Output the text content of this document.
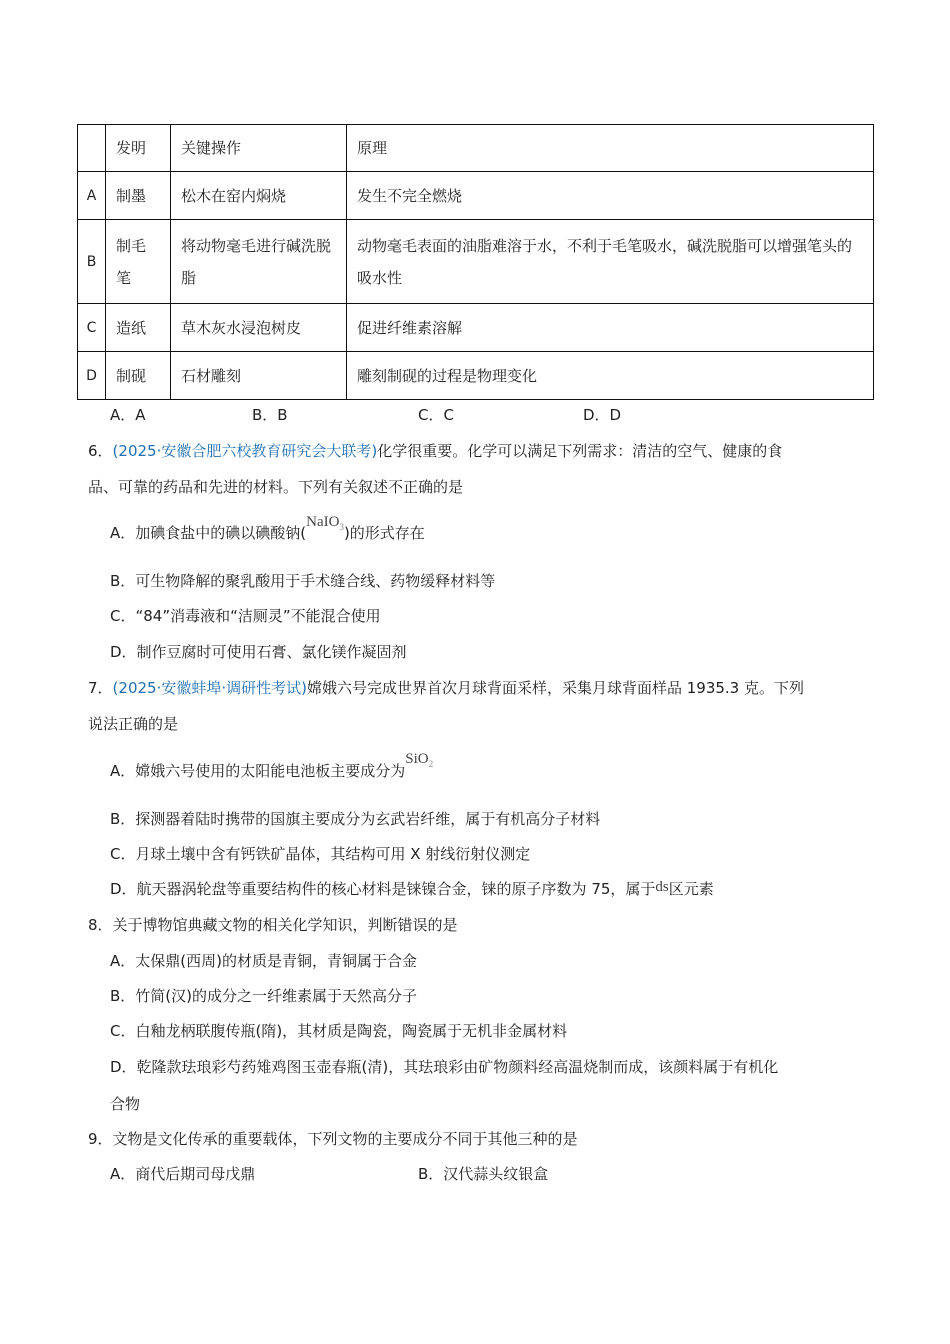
	发明	关键操作	原理
A	制墨	松木在窑内焖烧	发生不完全燃烧
B	制毛笔	将动物毫毛进行碱洗脱脂	动物毫毛表面的油脂难溶于水，不利于毛笔吸水，碱洗脱脂可以增强笔头的吸水性
C	造纸	草木灰水浸泡树皮	促进纤维素溶解
D	制砚	石材雕刻	雕刻制砚的过程是物理变化
A．A	B．B	C．C	D．D
6．(2025·安徽合肥六校教育研究会大联考)化学很重要。化学可以满足下列需求：清洁的空气、健康的食
品、可靠的药品和先进的材料。下列有关叙述不正确的是
A．加碘食盐中的碘以碘酸钠(NaIO$_3$)的形式存在
B．可生物降解的聚乳酸用于手术缝合线、药物缓释材料等
C．“84”消毒液和“洁厕灵”不能混合使用
D．制作豆腐时可使用石膏、氯化镁作凝固剂
7．(2025·安徽蚌埠·调研性考试)嫦娥六号完成世界首次月球背面采样，采集月球背面样品 1935.3 克。下列
说法正确的是
A．嫦娥六号使用的太阳能电池板主要成分为SiO$_2$
B．探测器着陆时携带的国旗主要成分为玄武岩纤维，属于有机高分子材料
C．月球土壤中含有钙铁矿晶体，其结构可用 X 射线衍射仪测定
D．航天器涡轮盘等重要结构件的核心材料是铼镍合金，铼的原子序数为 75，属于ds区元素
8．关于博物馆典藏文物的相关化学知识，判断错误的是
A．太保鼎(西周)的材质是青铜，青铜属于合金
B．竹简(汉)的成分之一纤维素属于天然高分子
C．白釉龙柄联腹传瓶(隋)，其材质是陶瓷，陶瓷属于无机非金属材料
D．乾隆款珐琅彩芍药雉鸡图玉壶春瓶(清)，其珐琅彩由矿物颜料经高温烧制而成，该颜料属于有机化
合物
9．文物是文化传承的重要载体，下列文物的主要成分不同于其他三种的是
A．商代后期司母戊鼎	B．汉代蒜头纹银盒
